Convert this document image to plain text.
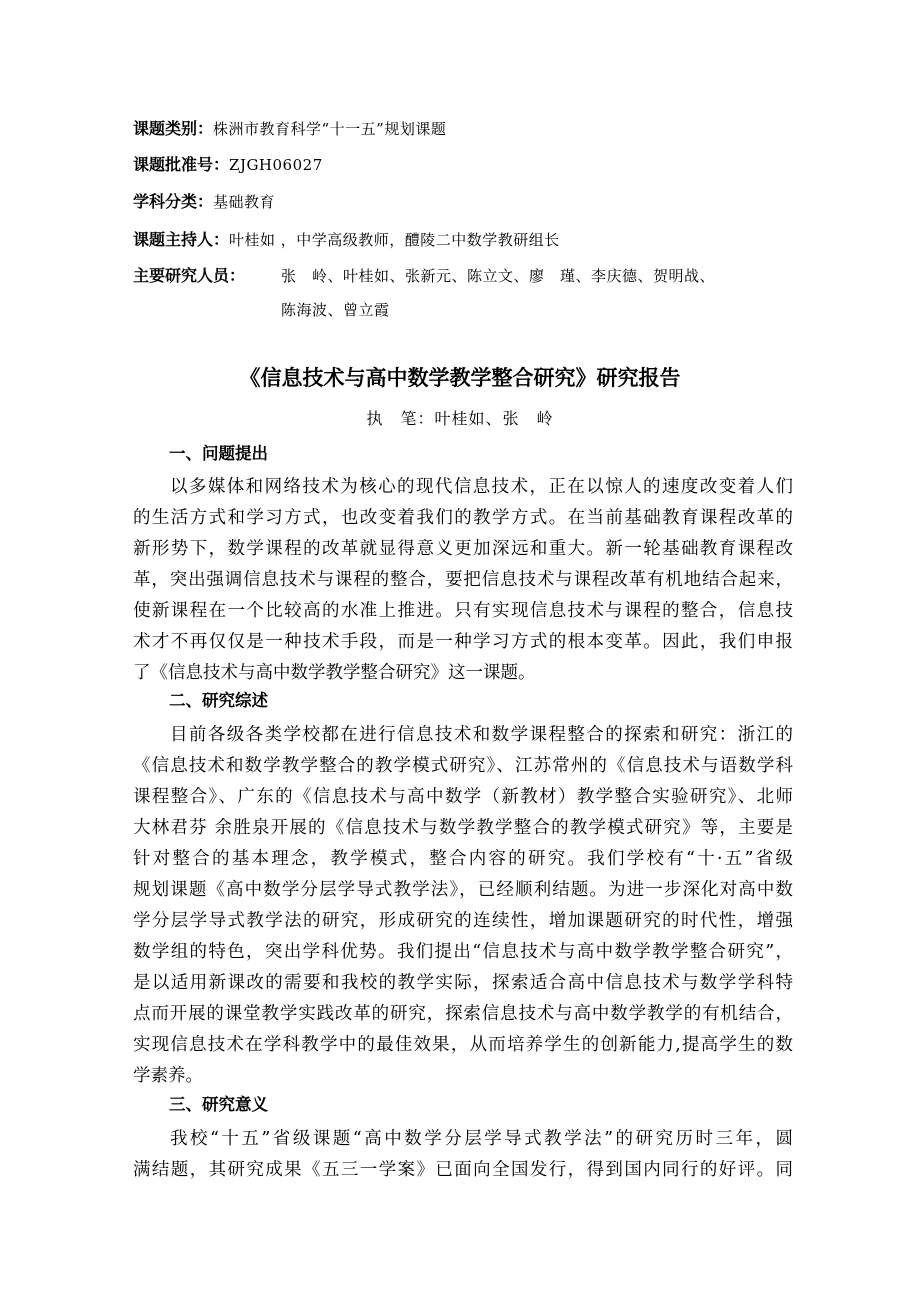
课题类别：株洲市教育科学“十一五”规划课题
课题批准号：ZJGH06027
学科分类：基础教育
课题主持人：叶桂如 ，中学高级教师，醴陵二中数学教研组长
主要研究人员： 张　岭、叶桂如、张新元、陈立文、廖　瑾、李庆德、贺明战、
陈海波、曾立霞
《信息技术与高中数学教学整合研究》研究报告
执　笔：叶桂如、张　岭
一、问题提出
以多媒体和网络技术为核心的现代信息技术，正在以惊人的速度改变着人们
的生活方式和学习方式，也改变着我们的教学方式。在当前基础教育课程改革的
新形势下，数学课程的改革就显得意义更加深远和重大。新一轮基础教育课程改
革，突出强调信息技术与课程的整合，要把信息技术与课程改革有机地结合起来，
使新课程在一个比较高的水准上推进。只有实现信息技术与课程的整合，信息技
术才不再仅仅是一种技术手段，而是一种学习方式的根本变革。因此，我们申报
了《信息技术与高中数学教学整合研究》这一课题。
二、研究综述
目前各级各类学校都在进行信息技术和数学课程整合的探索和研究：浙江的
《信息技术和数学教学整合的教学模式研究》、江苏常州的《信息技术与语数学科
课程整合》、广东的《信息技术与高中数学（新教材）教学整合实验研究》、北师
大林君芬 余胜泉开展的《信息技术与数学教学整合的教学模式研究》等，主要是
针对整合的基本理念，教学模式，整合内容的研究。我们学校有“十·五”省级
规划课题《高中数学分层学导式教学法》，已经顺利结题。为进一步深化对高中数
学分层学导式教学法的研究，形成研究的连续性，增加课题研究的时代性，增强
数学组的特色，突出学科优势。我们提出“信息技术与高中数学教学整合研究”，
是以适用新课改的需要和我校的教学实际，探索适合高中信息技术与数学学科特
点而开展的课堂教学实践改革的研究，探索信息技术与高中数学教学的有机结合，
实现信息技术在学科教学中的最佳效果，从而培养学生的创新能力,提高学生的数
学素养。
三、研究意义
我校“十五”省级课题“高中数学分层学导式教学法”的研究历时三年，圆
满结题，其研究成果《五三一学案》已面向全国发行，得到国内同行的好评。同
